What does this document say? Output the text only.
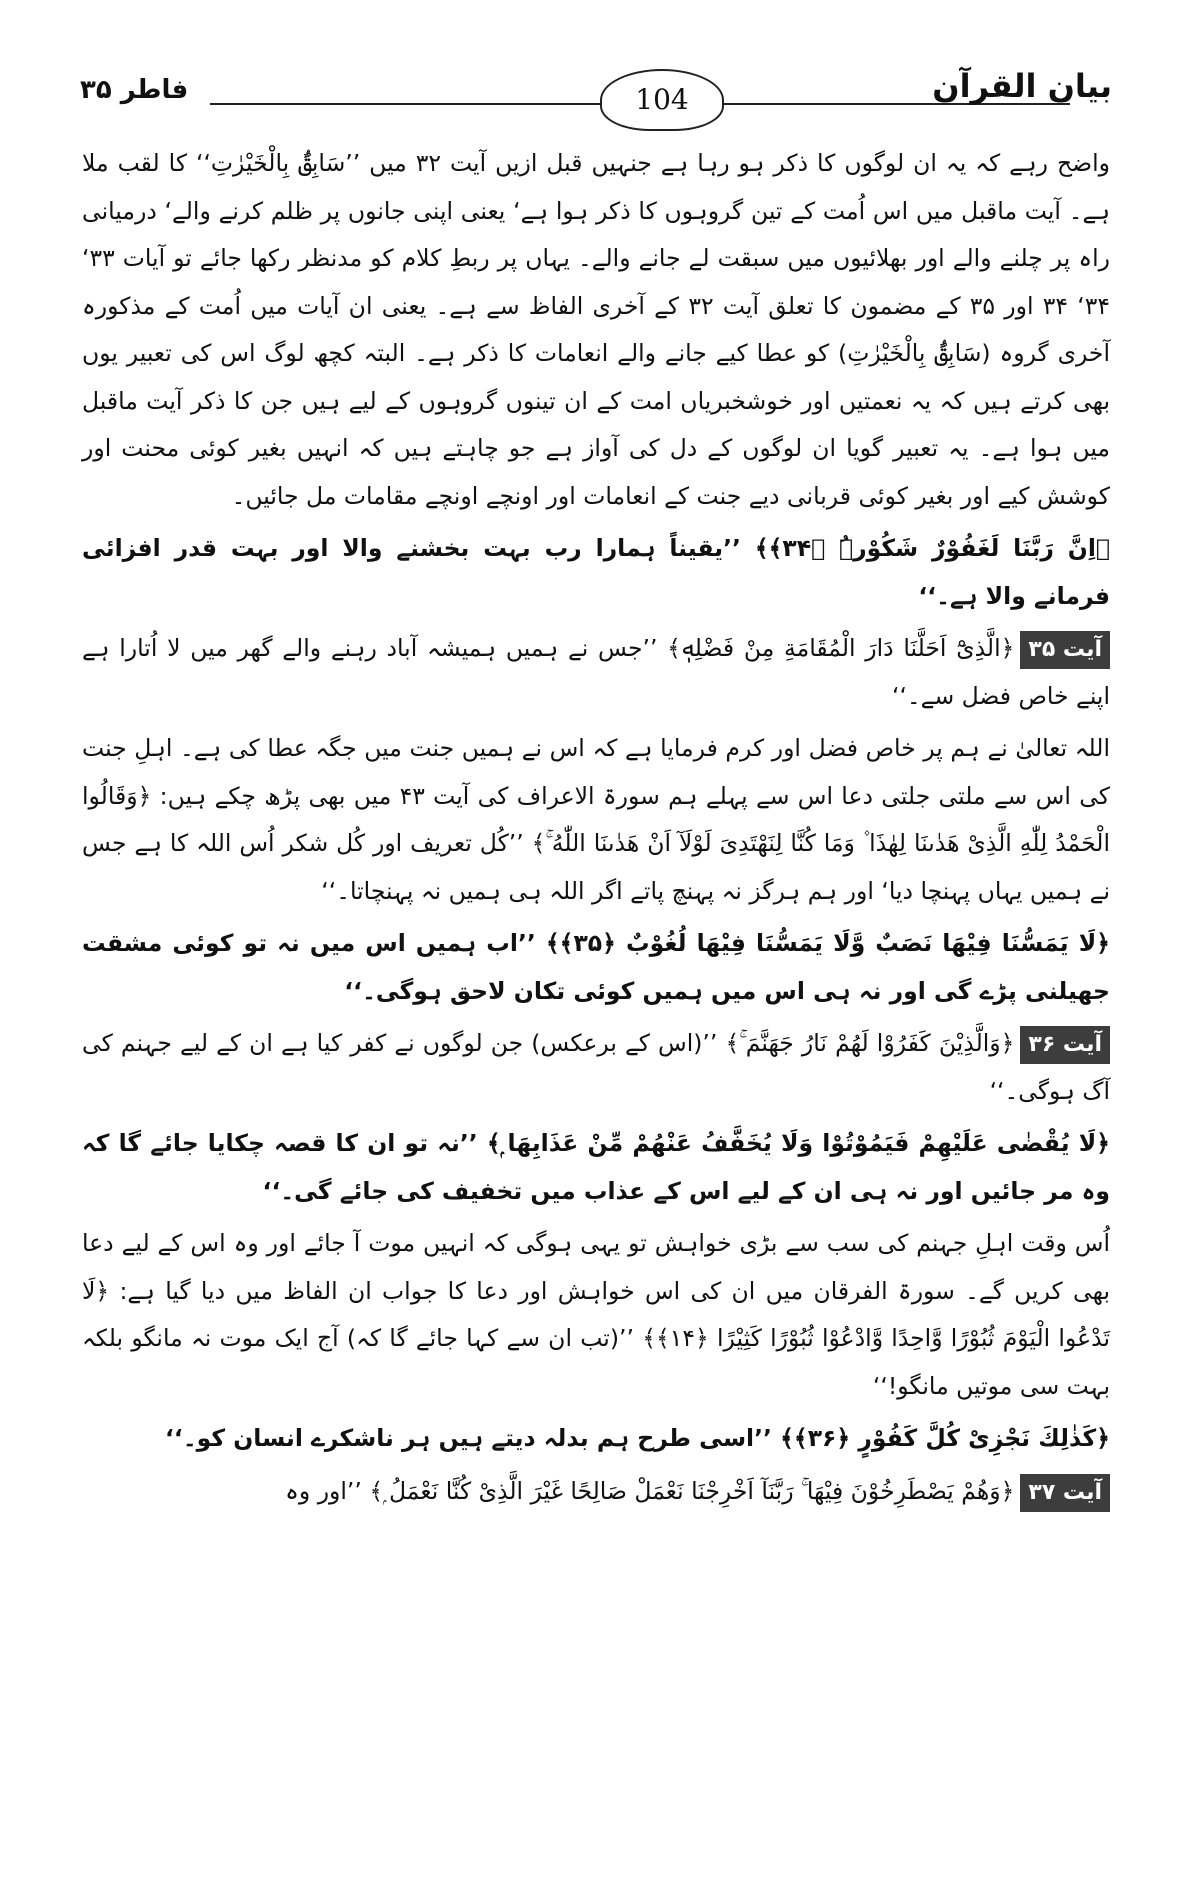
بیان القرآن
104
فاطر ۳۵

واضح رہے کہ یہ ان لوگوں کا ذکر ہو رہا ہے جنہیں قبل ازیں آیت ۳۲ میں ’’سَابِقٌۢ بِالْخَیْرٰتِ‘‘ کا لقب ملا ہے۔ آیت ماقبل میں اس اُمت کے تین گروہوں کا ذکر ہوا ہے‘ یعنی اپنی جانوں پر ظلم کرنے والے‘ درمیانی راہ پر چلنے والے اور بھلائیوں میں سبقت لے جانے والے۔ یہاں پر ربطِ کلام کو مدنظر رکھا جائے تو آیات ۳۳‘ ۳۴‘ ۳۴ اور ۳۵ کے مضمون کا تعلق آیت ۳۲ کے آخری الفاظ سے ہے۔ یعنی ان آیات میں اُمت کے مذکورہ آخری گروہ (سَابِقٌۢ بِالْخَیْرٰتِ) کو عطا کیے جانے والے انعامات کا ذکر ہے۔ البتہ کچھ لوگ اس کی تعبیر یوں بھی کرتے ہیں کہ یہ نعمتیں اور خوشخبریاں امت کے ان تینوں گروہوں کے لیے ہیں جن کا ذکر آیت ماقبل میں ہوا ہے۔ یہ تعبیر گویا ان لوگوں کے دل کی آواز ہے جو چاہتے ہیں کہ انہیں بغیر کوئی محنت اور کوشش کیے اور بغیر کوئی قربانی دیے جنت کے انعامات اور اونچے اونچے مقامات مل جائیں۔

﴿اِنَّ رَبَّنَا لَغَفُوْرٌ شَكُوْرُۨ ﴿۳۴﴾﴾ ’’یقیناً ہمارا رب بہت بخشنے والا اور بہت قدر افزائی فرمانے والا ہے۔‘‘

آیت ۳۵﴿الَّذِیْٓ اَحَلَّنَا دَارَ الْمُقَامَةِ مِنْ فَضْلِهٖ﴾ ’’جس نے ہمیں ہمیشہ آباد رہنے والے گھر میں لا اُتارا ہے اپنے خاص فضل سے۔‘‘

اللہ تعالیٰ نے ہم پر خاص فضل اور کرم فرمایا ہے کہ اس نے ہمیں جنت میں جگہ عطا کی ہے۔ اہلِ جنت کی اس سے ملتی جلتی دعا اس سے پہلے ہم سورۃ الاعراف کی آیت ۴۳ میں بھی پڑھ چکے ہیں: ﴿وَقَالُوا الْحَمْدُ لِلّٰهِ الَّذِیْ هَدٰىنَا لِهٰذَا ۫ وَمَا كُنَّا لِنَهْتَدِیَ لَوْلَآ اَنْ هَدٰىنَا اللّٰهُ ۚ﴾ ’’کُل تعریف اور کُل شکر اُس اللہ کا ہے جس نے ہمیں یہاں پہنچا دیا‘ اور ہم ہرگز نہ پہنچ پاتے اگر اللہ ہی ہمیں نہ پہنچاتا۔‘‘

﴿لَا یَمَسُّنَا فِیْهَا نَصَبٌ وَّلَا یَمَسُّنَا فِیْهَا لُغُوْبٌ ﴿۳۵﴾﴾ ’’اب ہمیں اس میں نہ تو کوئی مشقت جھیلنی پڑے گی اور نہ ہی اس میں ہمیں کوئی تکان لاحق ہوگی۔‘‘

آیت ۳۶﴿وَالَّذِیْنَ كَفَرُوْا لَهُمْ نَارُ جَهَنَّمَ ۚ﴾ ’’(اس کے برعکس) جن لوگوں نے کفر کیا ہے ان کے لیے جہنم کی آگ ہوگی۔‘‘

﴿لَا یُقْضٰى عَلَیْهِمْ فَیَمُوْتُوْا وَلَا یُخَفَّفُ عَنْهُمْ مِّنْ عَذَابِهَا ۭ﴾ ’’نہ تو ان کا قصہ چکایا جائے گا کہ وہ مر جائیں اور نہ ہی ان کے لیے اس کے عذاب میں تخفیف کی جائے گی۔‘‘

اُس وقت اہلِ جہنم کی سب سے بڑی خواہش تو یہی ہوگی کہ انہیں موت آ جائے اور وہ اس کے لیے دعا بھی کریں گے۔ سورۃ الفرقان میں ان کی اس خواہش اور دعا کا جواب ان الفاظ میں دیا گیا ہے: ﴿لَا تَدْعُوا الْیَوْمَ ثُبُوْرًا وَّاحِدًا وَّادْعُوْا ثُبُوْرًا كَثِیْرًا ﴿۱۴﴾﴾ ’’(تب ان سے کہا جائے گا کہ) آج ایک موت نہ مانگو بلکہ بہت سی موتیں مانگو!‘‘

﴿كَذٰلِكَ نَجْزِیْ كُلَّ كَفُوْرٍ ﴿۳۶﴾﴾ ’’اسی طرح ہم بدلہ دیتے ہیں ہر ناشکرے انسان کو۔‘‘

آیت ۳۷﴿وَهُمْ یَصْطَرِخُوْنَ فِیْهَا ۚ رَبَّنَآ اَخْرِجْنَا نَعْمَلْ صَالِحًا غَیْرَ الَّذِیْ كُنَّا نَعْمَلُ ۭ﴾ ’’اور وہ
